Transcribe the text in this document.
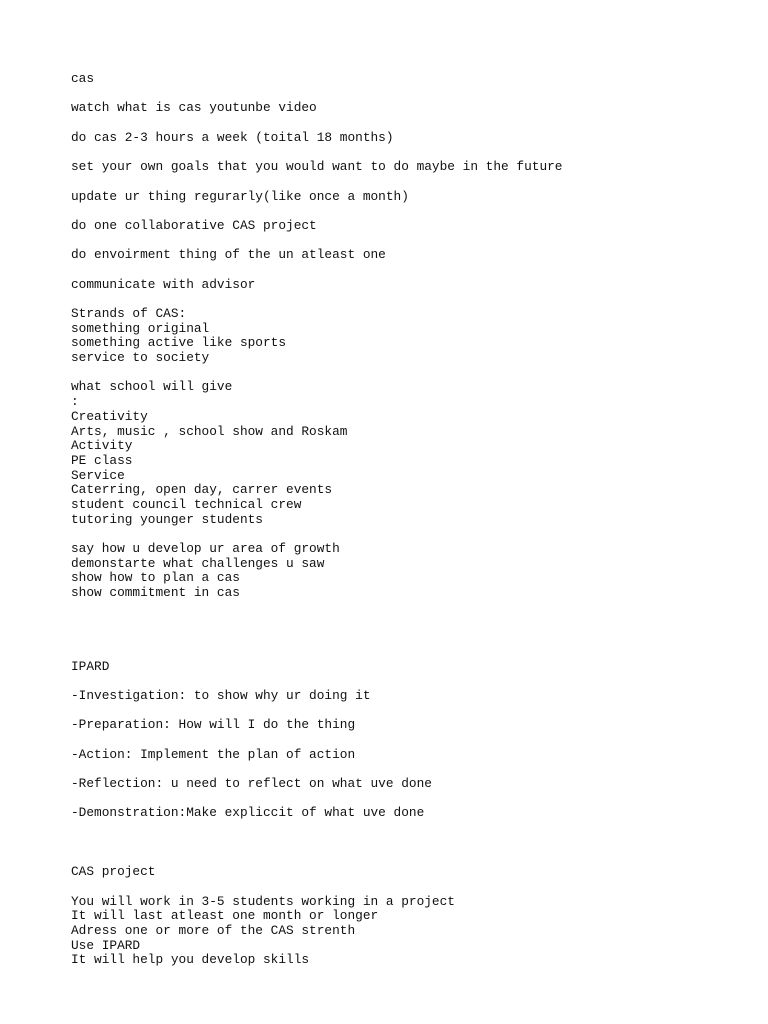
cas
watch what is cas youtunbe video
do cas 2-3 hours a week (toital 18 months)
set your own goals that you would want to do maybe in the future
update ur thing regurarly(like once a month)
do one collaborative CAS project
do envoirment thing of the un atleast one
communicate with advisor
Strands of CAS:
something original
something active like sports
service to society
what school will give
:
Creativity
Arts, music , school show and Roskam
Activity
PE class
Service
Caterring, open day, carrer events
student council technical crew
tutoring younger students
say how u develop ur area of growth
demonstarte what challenges u saw
show how to plan a cas
show commitment in cas
IPARD
-Investigation: to show why ur doing it
-Preparation: How will I do the thing
-Action: Implement the plan of action
-Reflection: u need to reflect on what uve done
-Demonstration:Make expliccit of what uve done
CAS project
You will work in 3-5 students working in a project
It will last atleast one month or longer
Adress one or more of the CAS strenth
Use IPARD
It will help you develop skills
